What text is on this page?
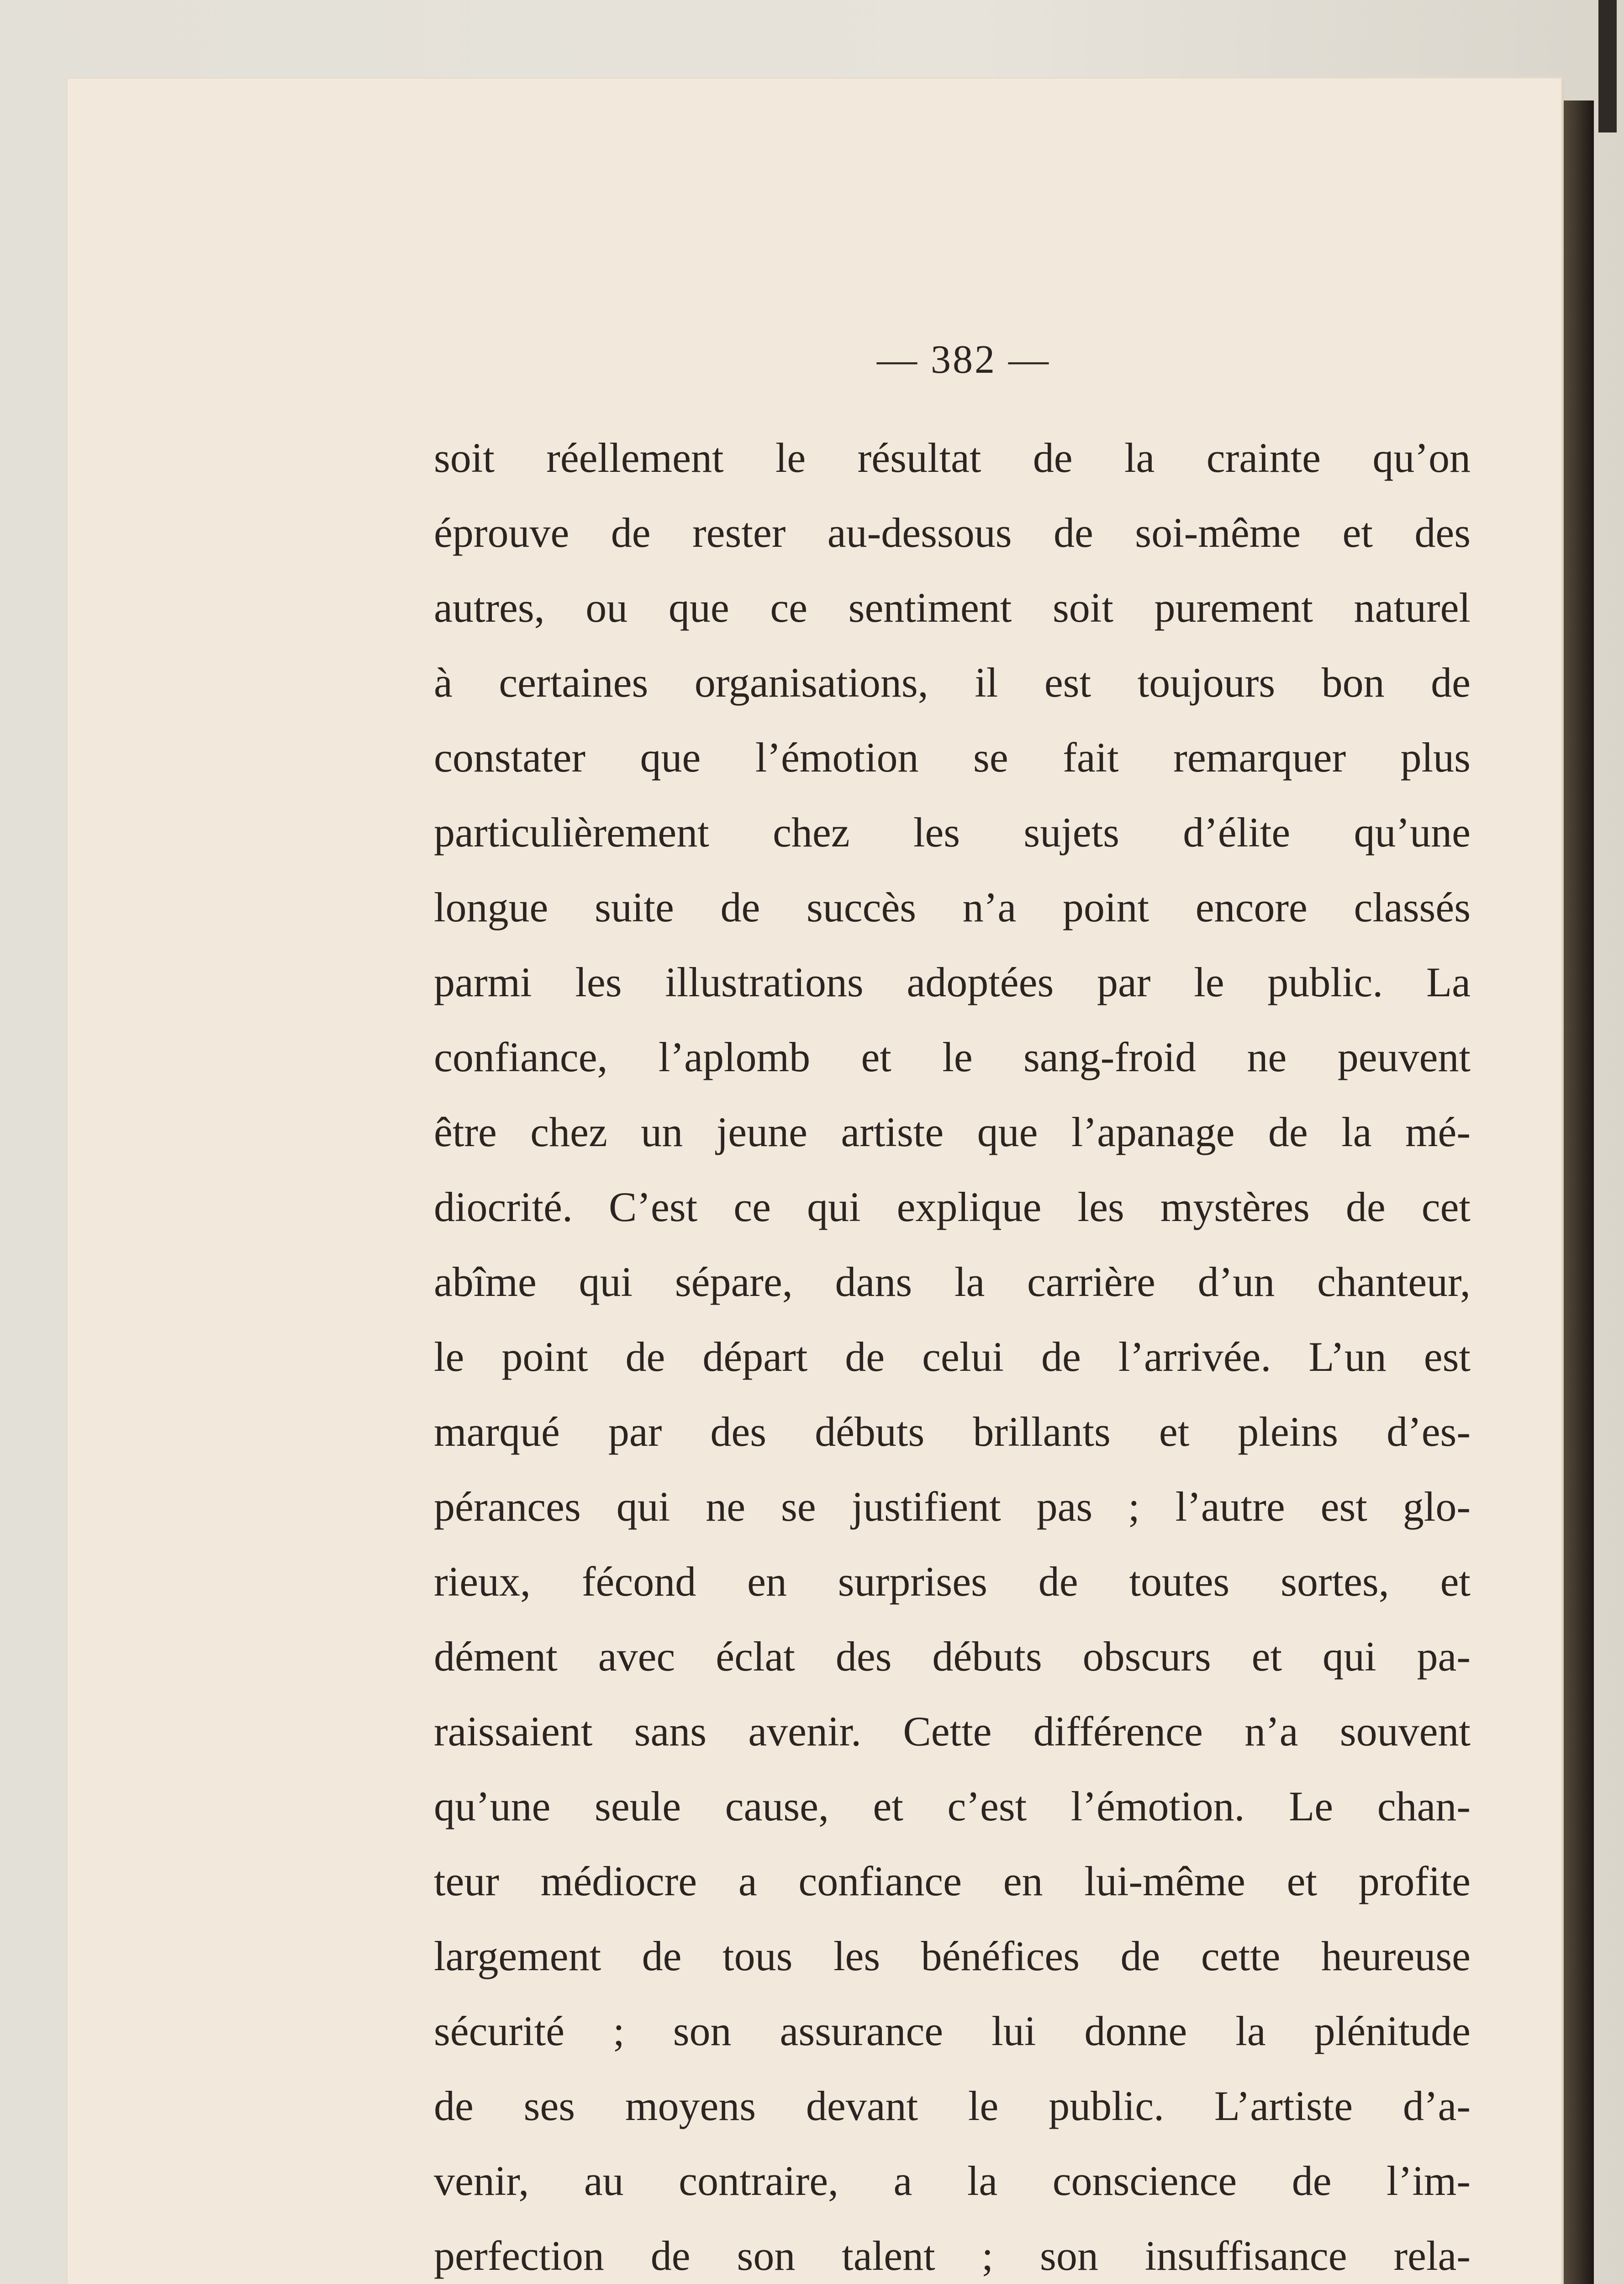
— 382 —
soit réellement le résultat de la crainte qu’on
éprouve de rester au-dessous de soi-même et des
autres, ou que ce sentiment soit purement naturel
à certaines organisations, il est toujours bon de
constater que l’émotion se fait remarquer plus
particulièrement chez les sujets d’élite qu’une
longue suite de succès n’a point encore classés
parmi les illustrations adoptées par le public. La
confiance, l’aplomb et le sang-froid ne peuvent
être chez un jeune artiste que l’apanage de la mé-
diocrité. C’est ce qui explique les mystères de cet
abîme qui sépare, dans la carrière d’un chanteur,
le point de départ de celui de l’arrivée. L’un est
marqué par des débuts brillants et pleins d’es-
pérances qui ne se justifient pas ; l’autre est glo-
rieux, fécond en surprises de toutes sortes, et
dément avec éclat des débuts obscurs et qui pa-
raissaient sans avenir. Cette différence n’a souvent
qu’une seule cause, et c’est l’émotion. Le chan-
teur médiocre a confiance en lui-même et profite
largement de tous les bénéfices de cette heureuse
sécurité ; son assurance lui donne la plénitude
de ses moyens devant le public. L’artiste d’a-
venir, au contraire, a la conscience de l’im-
perfection de son talent ; son insuffisance rela-
